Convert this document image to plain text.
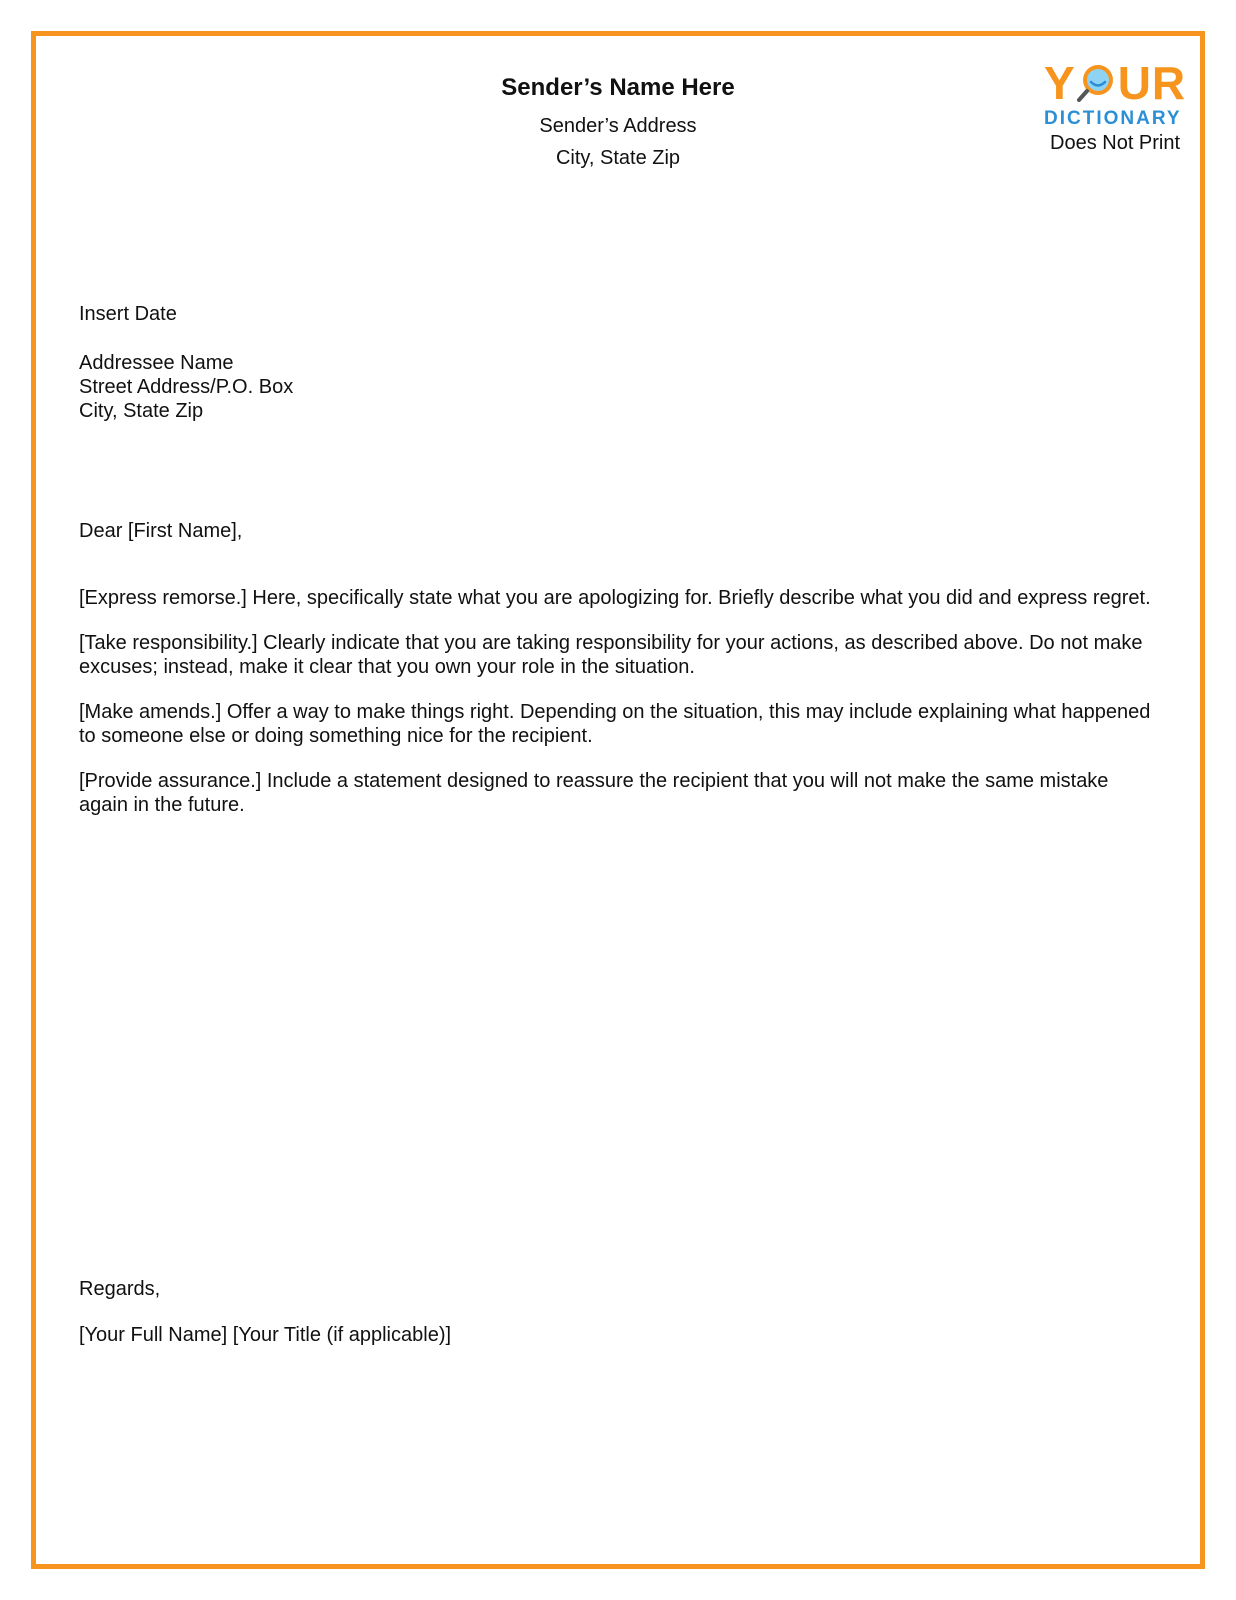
Sender’s Name Here
Sender’s Address
City, State Zip
Y UR
DICTIONARY
Does Not Print
Insert Date
Addressee Name
Street Address/P.O. Box
City, State Zip
Dear [First Name],

[Express remorse.] Here, specifically state what you are apologizing for. Briefly describe what you did and express regret.

[Take responsibility.] Clearly indicate that you are taking responsibility for your actions, as described above. Do not make excuses; instead, make it clear that you own your role in the situation.

[Make amends.] Offer a way to make things right. Depending on the situation, this may include explaining what happened to someone else or doing something nice for the recipient.

[Provide assurance.] Include a statement designed to reassure the recipient that you will not make the same mistake again in the future.

Regards,
[Your Full Name] [Your Title (if applicable)]
